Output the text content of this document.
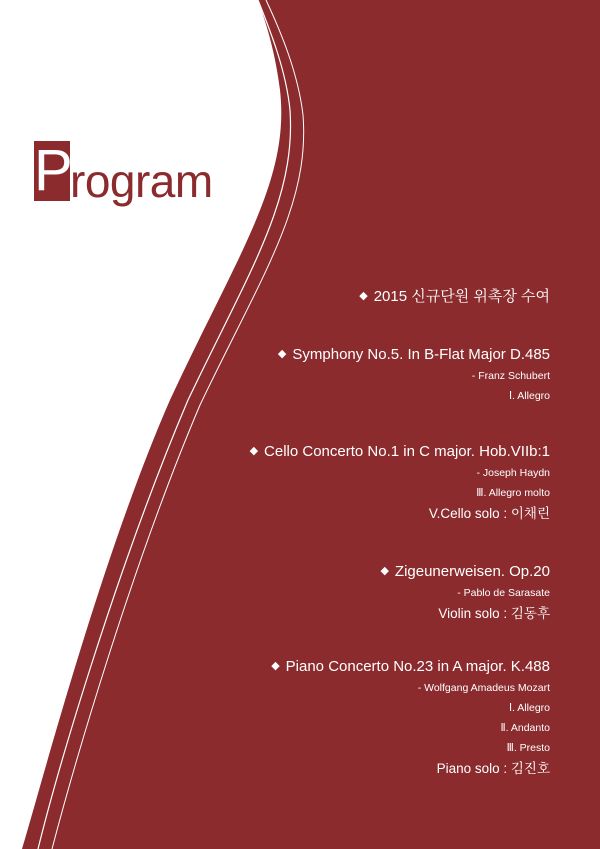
P
rogram
◆ 2015 신규단원 위촉장 수여
◆ Symphony No.5. In B-Flat Major D.485
- Franz Schubert
Ⅰ. Allegro
◆ Cello Concerto No.1 in C major. Hob.VIIb:1
- Joseph Haydn
Ⅲ. Allegro molto
V.Cello solo : 이채린
◆ Zigeunerweisen. Op.20
- Pablo de Sarasate
Violin solo : 김동후
◆ Piano Concerto No.23 in A major. K.488
- Wolfgang Amadeus Mozart
Ⅰ. Allegro
Ⅱ. Andanto
Ⅲ. Presto
Piano solo : 김진호
